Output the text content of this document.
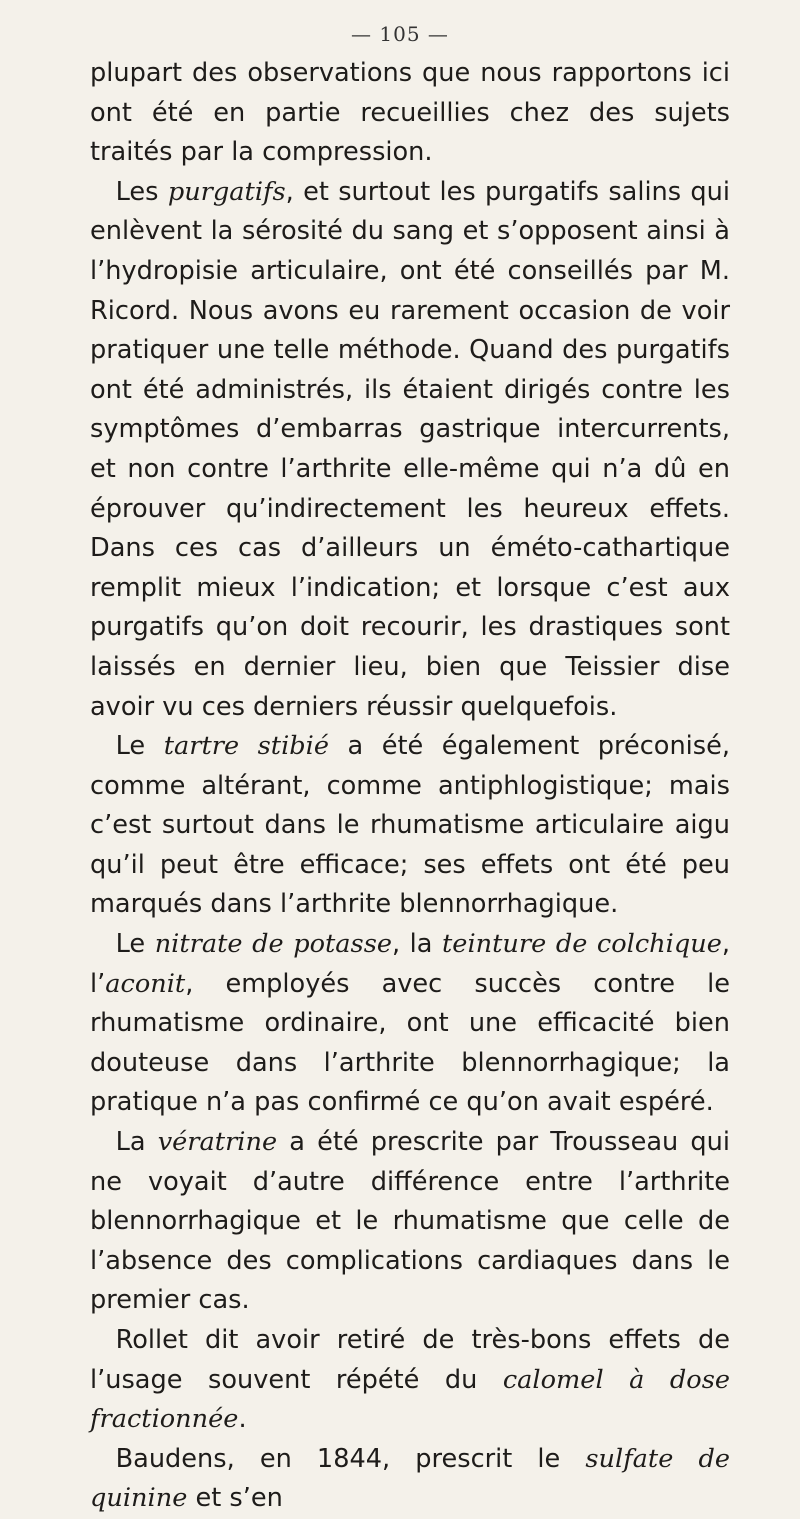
— 105 —

plupart des observations que nous rapportons ici ont été en partie recueillies chez des sujets traités par la compression.

Les purgatifs, et surtout les purgatifs salins qui enlèvent la sérosité du sang et s’opposent ainsi à l’hydropisie articulaire, ont été conseillés par M. Ricord. Nous avons eu rarement occasion de voir pratiquer une telle méthode. Quand des purgatifs ont été administrés, ils étaient dirigés contre les symptômes d’embarras gastrique intercurrents, et non contre l’arthrite elle-même qui n’a dû en éprouver qu’indirectement les heureux effets. Dans ces cas d’ailleurs un éméto-cathartique remplit mieux l’indication; et lorsque c’est aux purgatifs qu’on doit recourir, les drastiques sont laissés en dernier lieu, bien que Teissier dise avoir vu ces derniers réussir quelquefois.

Le tartre stibié a été également préconisé, comme altérant, comme antiphlogistique; mais c’est surtout dans le rhumatisme articulaire aigu qu’il peut être efficace; ses effets ont été peu marqués dans l’arthrite blennorrhagique.

Le nitrate de potasse, la teinture de colchique, l’aconit, employés avec succès contre le rhumatisme ordinaire, ont une efficacité bien douteuse dans l’arthrite blennorrhagique; la pratique n’a pas confirmé ce qu’on avait espéré.

La vératrine a été prescrite par Trousseau qui ne voyait d’autre différence entre l’arthrite blennorrhagique et le rhumatisme que celle de l’absence des complications cardiaques dans le premier cas.

Rollet dit avoir retiré de très-bons effets de l’usage souvent répété du calomel à dose fractionnée.

Baudens, en 1844, prescrit le sulfate de quinine et s’en
